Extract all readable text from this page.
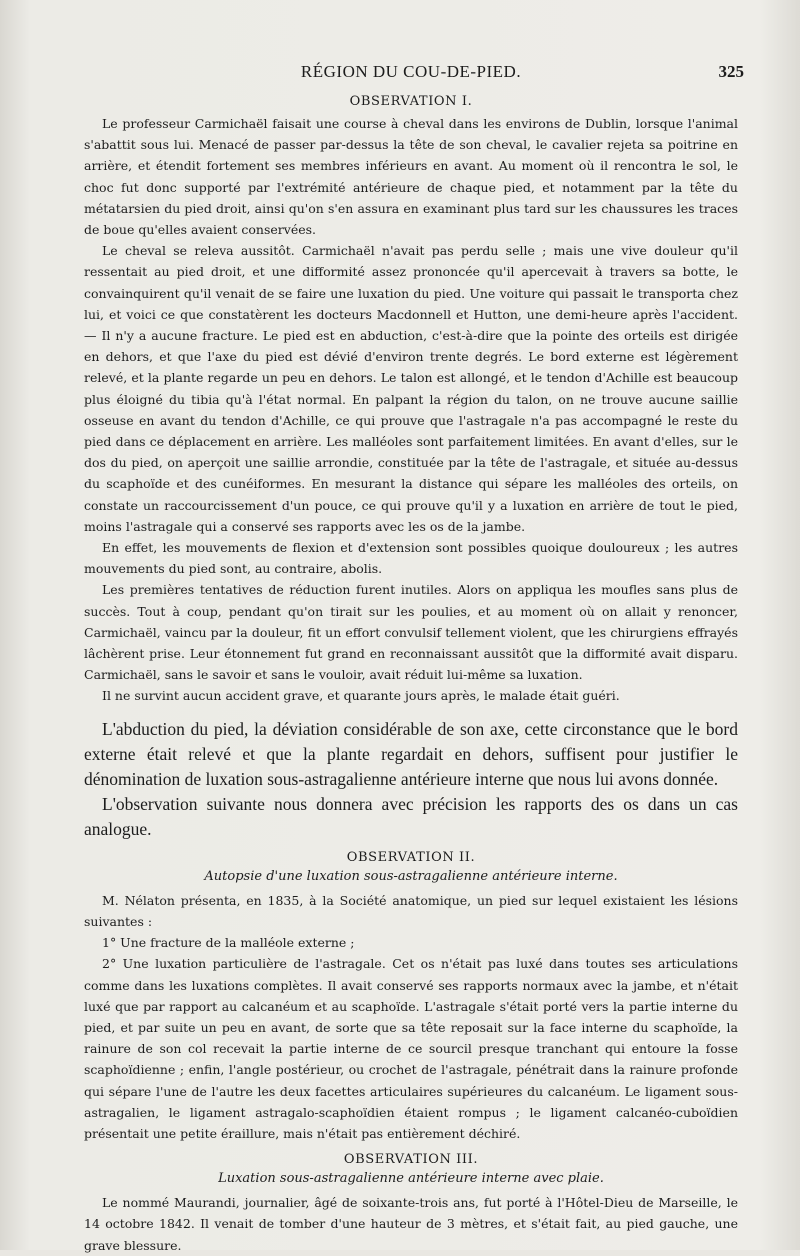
RÉGION DU COU-DE-PIED.	325
OBSERVATION I.

Le professeur Carmichaël faisait une course à cheval dans les environs de Dublin, lorsque l'animal s'abattit sous lui. Menacé de passer par-dessus la tête de son cheval, le cavalier rejeta sa poitrine en arrière, et étendit fortement ses membres inférieurs en avant. Au moment où il rencontra le sol, le choc fut donc supporté par l'extrémité antérieure de chaque pied, et notamment par la tête du métatarsien du pied droit, ainsi qu'on s'en assura en examinant plus tard sur les chaussures les traces de boue qu'elles avaient conservées.

Le cheval se releva aussitôt. Carmichaël n'avait pas perdu selle ; mais une vive douleur qu'il ressentait au pied droit, et une difformité assez prononcée qu'il apercevait à travers sa botte, le convainquirent qu'il venait de se faire une luxation du pied. Une voiture qui passait le transporta chez lui, et voici ce que constatèrent les docteurs Macdonnell et Hutton, une demi-heure après l'accident. — Il n'y a aucune fracture. Le pied est en abduction, c'est-à-dire que la pointe des orteils est dirigée en dehors, et que l'axe du pied est dévié d'environ trente degrés. Le bord externe est légèrement relevé, et la plante regarde un peu en dehors. Le talon est allongé, et le tendon d'Achille est beaucoup plus éloigné du tibia qu'à l'état normal. En palpant la région du talon, on ne trouve aucune saillie osseuse en avant du tendon d'Achille, ce qui prouve que l'astragale n'a pas accompagné le reste du pied dans ce déplacement en arrière. Les malléoles sont parfaitement limitées. En avant d'elles, sur le dos du pied, on aperçoit une saillie arrondie, constituée par la tête de l'astragale, et située au-dessus du scaphoïde et des cunéiformes. En mesurant la distance qui sépare les malléoles des orteils, on constate un raccourcissement d'un pouce, ce qui prouve qu'il y a luxation en arrière de tout le pied, moins l'astragale qui a conservé ses rapports avec les os de la jambe.

En effet, les mouvements de flexion et d'extension sont possibles quoique douloureux ; les autres mouvements du pied sont, au contraire, abolis.

Les premières tentatives de réduction furent inutiles. Alors on appliqua les moufles sans plus de succès. Tout à coup, pendant qu'on tirait sur les poulies, et au moment où on allait y renoncer, Carmichaël, vaincu par la douleur, fit un effort convulsif tellement violent, que les chirurgiens effrayés lâchèrent prise. Leur étonnement fut grand en reconnaissant aussitôt que la difformité avait disparu. Carmichaël, sans le savoir et sans le vouloir, avait réduit lui-même sa luxation.

Il ne survint aucun accident grave, et quarante jours après, le malade était guéri.

L'abduction du pied, la déviation considérable de son axe, cette circonstance que le bord externe était relevé et que la plante regardait en dehors, suffisent pour justifier le dénomination de luxation sous-astragalienne antérieure interne que nous lui avons donnée.

L'observation suivante nous donnera avec précision les rapports des os dans un cas analogue.

OBSERVATION II.
Autopsie d'une luxation sous-astragalienne antérieure interne.

M. Nélaton présenta, en 1835, à la Société anatomique, un pied sur lequel existaient les lésions suivantes :

1° Une fracture de la malléole externe ;

2° Une luxation particulière de l'astragale. Cet os n'était pas luxé dans toutes ses articulations comme dans les luxations complètes. Il avait conservé ses rapports normaux avec la jambe, et n'était luxé que par rapport au calcanéum et au scaphoïde. L'astragale s'était porté vers la partie interne du pied, et par suite un peu en avant, de sorte que sa tête reposait sur la face interne du scaphoïde, la rainure de son col recevait la partie interne de ce sourcil presque tranchant qui entoure la fosse scaphoïdienne ; enfin, l'angle postérieur, ou crochet de l'astragale, pénétrait dans la rainure profonde qui sépare l'une de l'autre les deux facettes articulaires supérieures du calcanéum. Le ligament sous-astragalien, le ligament astragalo-scaphoïdien étaient rompus ; le ligament calcanéo-cuboïdien présentait une petite éraillure, mais n'était pas entièrement déchiré.

OBSERVATION III.
Luxation sous-astragalienne antérieure interne avec plaie.

Le nommé Maurandi, journalier, âgé de soixante-trois ans, fut porté à l'Hôtel-Dieu de Marseille, le 14 octobre 1842. Il venait de tomber d'une hauteur de 3 mètres, et s'était fait, au pied gauche, une grave blessure.
